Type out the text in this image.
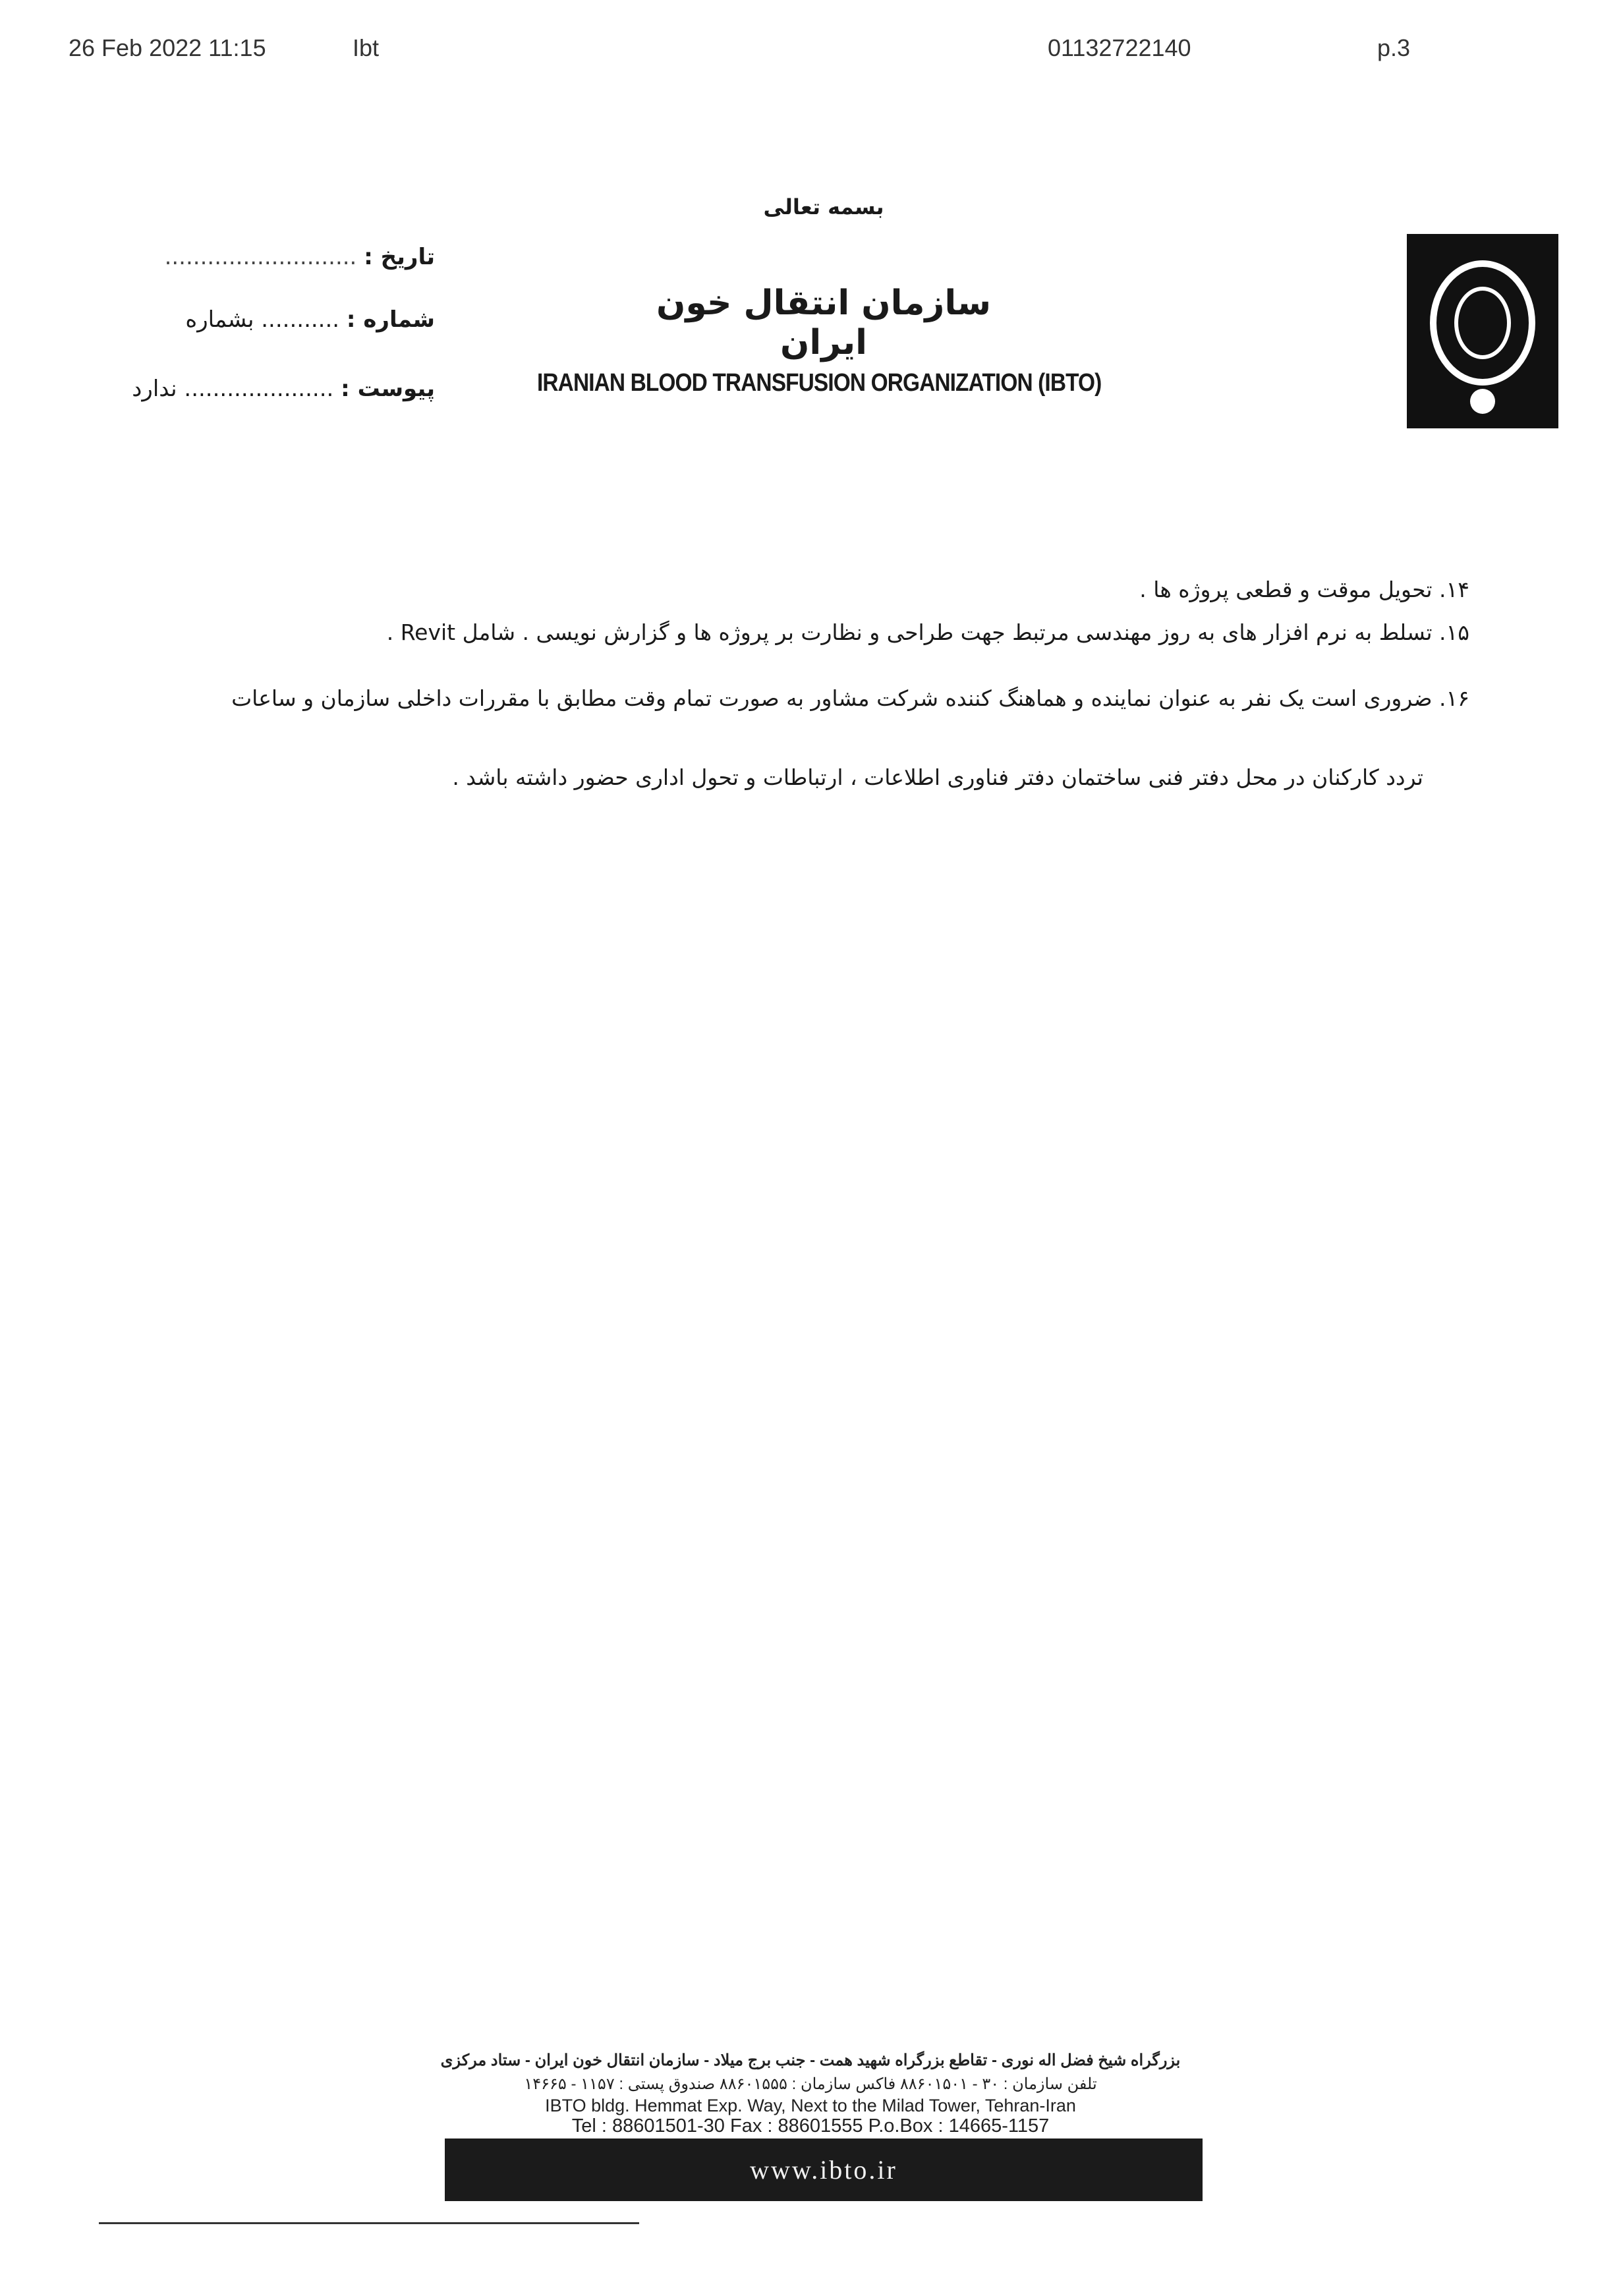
26 Feb 2022 11:15	Ibt	01132722140	p.3
بسمه تعالی
سازمان انتقال خون ایران
IRANIAN BLOOD TRANSFUSION ORGANIZATION (IBTO)
تاریخ : ...........................
شماره : ........... بشماره
پیوست : ..................... ندارد
۱۴. تحویل موقت و قطعی پروژه ها .
۱۵. تسلط به نرم افزار های به روز مهندسی مرتبط جهت طراحی و نظارت بر پروژه ها و گزارش نویسی . شامل Revit .
۱۶. ضروری است یک نفر به عنوان نماینده و هماهنگ کننده شرکت مشاور به صورت تمام وقت مطابق با مقررات داخلی سازمان و ساعات
تردد کارکنان در محل دفتر فنی ساختمان دفتر فناوری اطلاعات ، ارتباطات و تحول اداری حضور داشته باشد .
بزرگراه شیخ فضل اله نوری - تقاطع بزرگراه شهید همت - جنب برج میلاد - سازمان انتقال خون ایران - ستاد مرکزی
تلفن سازمان : ۳۰ - ۸۸۶۰۱۵۰۱ فاکس سازمان : ۸۸۶۰۱۵۵۵ صندوق پستی : ۱۱۵۷ - ۱۴۶۶۵
IBTO bldg. Hemmat Exp. Way, Next to the Milad Tower, Tehran-Iran
Tel : 88601501-30 Fax : 88601555 P.o.Box : 14665-1157
www.ibto.ir
